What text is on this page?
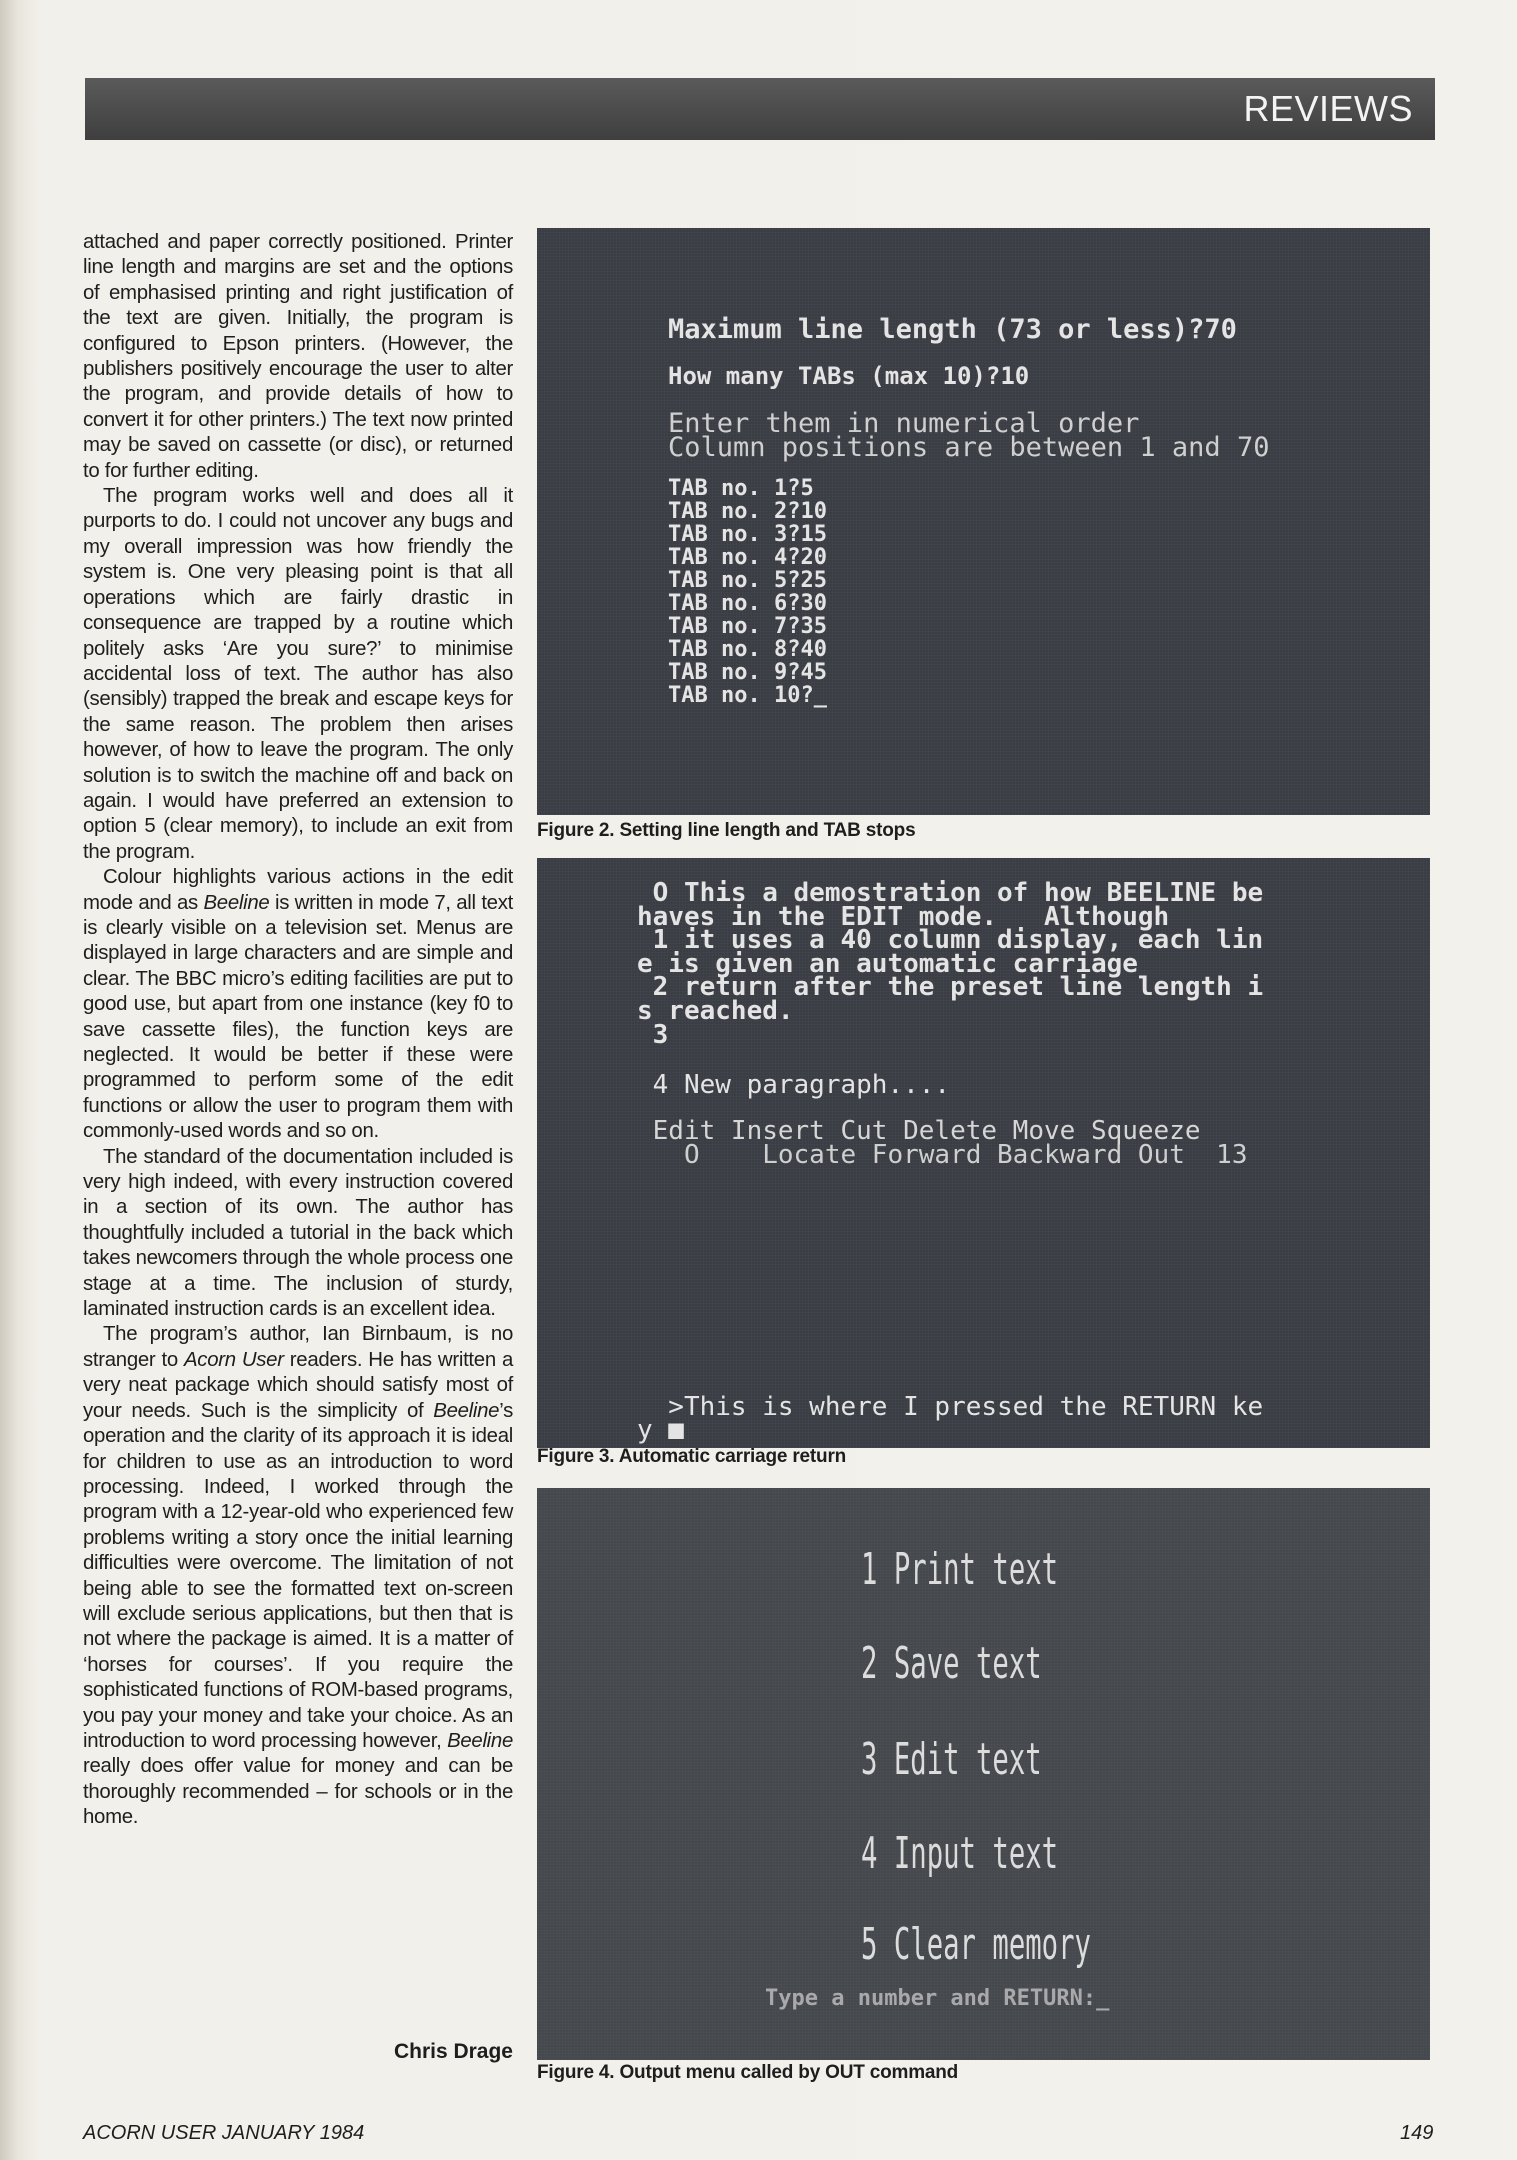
REVIEWS

attached and paper correctly positioned. Printer line length and margins are set and the options of emphasised printing and right justification of the text are given. Initially, the program is configured to Epson printers. (However, the publishers positively encourage the user to alter the program, and provide details of how to convert it for other printers.) The text now printed may be saved on cassette (or disc), or returned to for further editing.

The program works well and does all it purports to do. I could not uncover any bugs and my overall impression was how friendly the system is. One very pleasing point is that all operations which are fairly drastic in consequence are trapped by a routine which politely asks ‘Are you sure?’ to minimise accidental loss of text. The author has also (sensibly) trapped the break and escape keys for the same reason. The problem then arises however, of how to leave the program. The only solution is to switch the machine off and back on again. I would have preferred an extension to option 5 (clear memory), to include an exit from the program.

Colour highlights various actions in the edit mode and as Beeline is written in mode 7, all text is clearly visible on a television set. Menus are displayed in large characters and are simple and clear. The BBC micro’s editing facilities are put to good use, but apart from one instance (key f0 to save cassette files), the function keys are neglected. It would be better if these were programmed to perform some of the edit functions or allow the user to program them with commonly-used words and so on.

The standard of the documentation included is very high indeed, with every instruction covered in a section of its own. The author has thoughtfully included a tutorial in the back which takes newcomers through the whole process one stage at a time. The inclusion of sturdy, laminated instruction cards is an excellent idea.

The program’s author, Ian Birnbaum, is no stranger to Acorn User readers. He has written a very neat package which should satisfy most of your needs. Such is the simplicity of Beeline’s operation and the clarity of its approach it is ideal for children to use as an introduction to word processing. Indeed, I worked through the program with a 12-year-old who experienced few problems writing a story once the initial learning difficulties were overcome. The limitation of not being able to see the formatted text on-screen will exclude serious applications, but then that is not where the package is aimed. It is a matter of ‘horses for courses’. If you require the sophisticated functions of ROM-based programs, you pay your money and take your choice. As an introduction to word processing however, Beeline really does offer value for money and can be thoroughly recommended – for schools or in the home.

Chris Drage
Maximum line length (73 or less)?70
How many TABs (max 10)?10
Enter them in numerical order
Column positions are between 1 and 70
TAB no. 1?5
TAB no. 2?10
TAB no. 3?15
TAB no. 4?20
TAB no. 5?25
TAB no. 6?30
TAB no. 7?35
TAB no. 8?40
TAB no. 9?45
TAB no. 10?_
Figure 2. Setting line length and TAB stops
O This a demostration of how BEELINE be
haves in the EDIT mode.   Although
1 it uses a 40 column display, each lin
e is given an automatic carriage
2 return after the preset line length i
s reached.
3
4 New paragraph....
Edit Insert Cut Delete Move Squeeze
O    Locate Forward Backward Out  13
>This is where I pressed the RETURN ke
y ■
Figure 3. Automatic carriage return
1 Print text
2 Save text
3 Edit text
4 Input text
5 Clear memory
Type a number and RETURN:_
Figure 4. Output menu called by OUT command
ACORN USER JANUARY 1984	149
